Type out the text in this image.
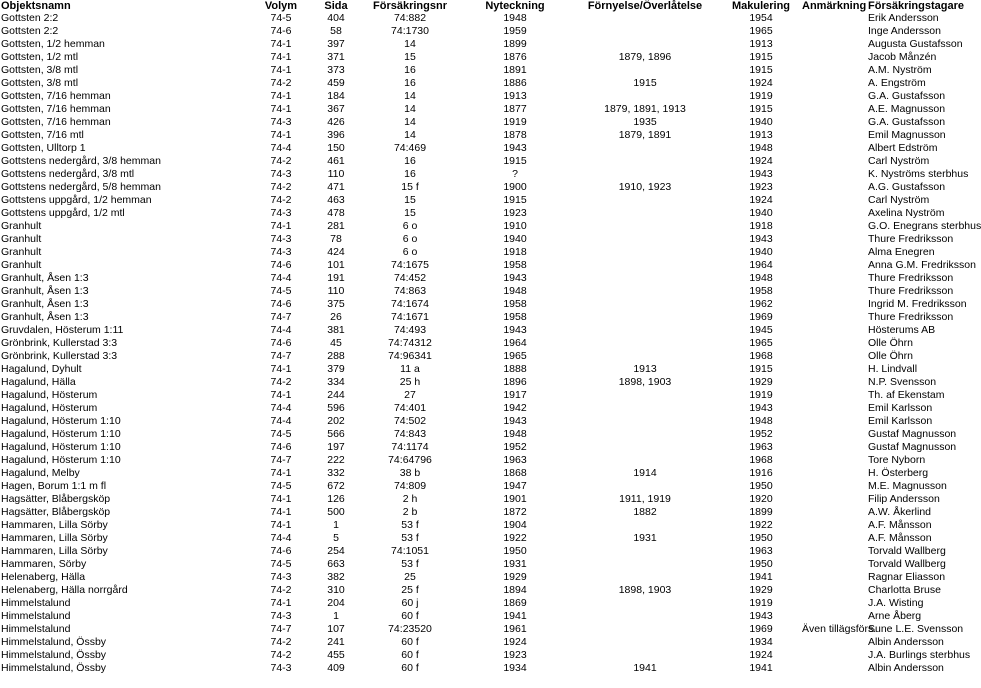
Objektsnamn	Volym	Sida	Försäkringsnr	Nyteckning	Förnyelse/Överlåtelse	Makulering	Anmärkning	Försäkringstagare
Gottsten 2:2	74-5	404	74:882	1948		1954		Erik Andersson
Gottsten 2:2	74-6	58	74:1730	1959		1965		Inge Andersson
Gottsten, 1/2 hemman	74-1	397	14	1899		1913		Augusta Gustafsson
Gottsten, 1/2 mtl	74-1	371	15	1876	1879, 1896	1915		Jacob Månzén
Gottsten, 3/8 mtl	74-1	373	16	1891		1915		A.M. Nyström
Gottsten, 3/8 mtl	74-2	459	16	1886	1915	1924		A. Engström
Gottsten, 7/16 hemman	74-1	184	14	1913		1919		G.A. Gustafsson
Gottsten, 7/16 hemman	74-1	367	14	1877	1879, 1891, 1913	1915		A.E. Magnusson
Gottsten, 7/16 hemman	74-3	426	14	1919	1935	1940		G.A. Gustafsson
Gottsten, 7/16 mtl	74-1	396	14	1878	1879, 1891	1913		Emil Magnusson
Gottsten, Ulltorp 1	74-4	150	74:469	1943		1948		Albert Edström
Gottstens nedergård, 3/8 hemman	74-2	461	16	1915		1924		Carl Nyström
Gottstens nedergård, 3/8 mtl	74-3	110	16	?		1943		K. Nyströms sterbhus
Gottstens nedergård, 5/8 hemman	74-2	471	15 f	1900	1910, 1923	1923		A.G. Gustafsson
Gottstens uppgård, 1/2 hemman	74-2	463	15	1915		1924		Carl Nyström
Gottstens uppgård, 1/2 mtl	74-3	478	15	1923		1940		Axelina Nyström
Granhult	74-1	281	6 o	1910		1918		G.O. Enegrans sterbhus
Granhult	74-3	78	6 o	1940		1943		Thure Fredriksson
Granhult	74-3	424	6 o	1918		1940		Alma Enegren
Granhult	74-6	101	74:1675	1958		1964		Anna G.M. Fredriksson
Granhult, Åsen 1:3	74-4	191	74:452	1943		1948		Thure Fredriksson
Granhult, Åsen 1:3	74-5	110	74:863	1948		1958		Thure Fredriksson
Granhult, Åsen 1:3	74-6	375	74:1674	1958		1962		Ingrid M. Fredriksson
Granhult, Åsen 1:3	74-7	26	74:1671	1958		1969		Thure Fredriksson
Gruvdalen, Hösterum 1:11	74-4	381	74:493	1943		1945		Hösterums AB
Grönbrink, Kullerstad 3:3	74-6	45	74:74312	1964		1965		Olle Öhrn
Grönbrink, Kullerstad 3:3	74-7	288	74:96341	1965		1968		Olle Öhrn
Hagalund, Dyhult	74-1	379	11 a	1888	1913	1915		H. Lindvall
Hagalund, Hälla	74-2	334	25 h	1896	1898, 1903	1929		N.P. Svensson
Hagalund, Hösterum	74-1	244	27	1917		1919		Th. af Ekenstam
Hagalund, Hösterum	74-4	596	74:401	1942		1943		Emil Karlsson
Hagalund, Hösterum 1:10	74-4	202	74:502	1943		1948		Emil Karlsson
Hagalund, Hösterum 1:10	74-5	566	74:843	1948		1952		Gustaf Magnusson
Hagalund, Hösterum 1:10	74-6	197	74:1174	1952		1963		Gustaf Magnusson
Hagalund, Hösterum 1:10	74-7	222	74:64796	1963		1968		Tore Nyborn
Hagalund, Melby	74-1	332	38 b	1868	1914	1916		H. Österberg
Hagen, Borum 1:1 m fl	74-5	672	74:809	1947		1950		M.E. Magnusson
Hagsätter, Blåbergsköp	74-1	126	2 h	1901	1911, 1919	1920		Filip Andersson
Hagsätter, Blåbergsköp	74-1	500	2 b	1872	1882	1899		A.W. Åkerlind
Hammaren, Lilla Sörby	74-1	1	53 f	1904		1922		A.F. Månsson
Hammaren, Lilla Sörby	74-4	5	53 f	1922	1931	1950		A.F. Månsson
Hammaren, Lilla Sörby	74-6	254	74:1051	1950		1963		Torvald Wallberg
Hammaren, Sörby	74-5	663	53 f	1931		1950		Torvald Wallberg
Helenaberg, Hälla	74-3	382	25	1929		1941		Ragnar Eliasson
Helenaberg, Hälla norrgård	74-2	310	25 f	1894	1898, 1903	1929		Charlotta Bruse
Himmelstalund	74-1	204	60 j	1869		1919		J.A. Wisting
Himmelstalund	74-3	1	60 f	1941		1943		Arne Åberg
Himmelstalund	74-7	107	74:23520	1961		1969	Även tillägsförs.	Sune L.E. Svensson
Himmelstalund, Össby	74-2	241	60 f	1924		1934		Albin Andersson
Himmelstalund, Össby	74-2	455	60 f	1923		1924		J.A. Burlings sterbhus
Himmelstalund, Össby	74-3	409	60 f	1934	1941	1941		Albin Andersson
